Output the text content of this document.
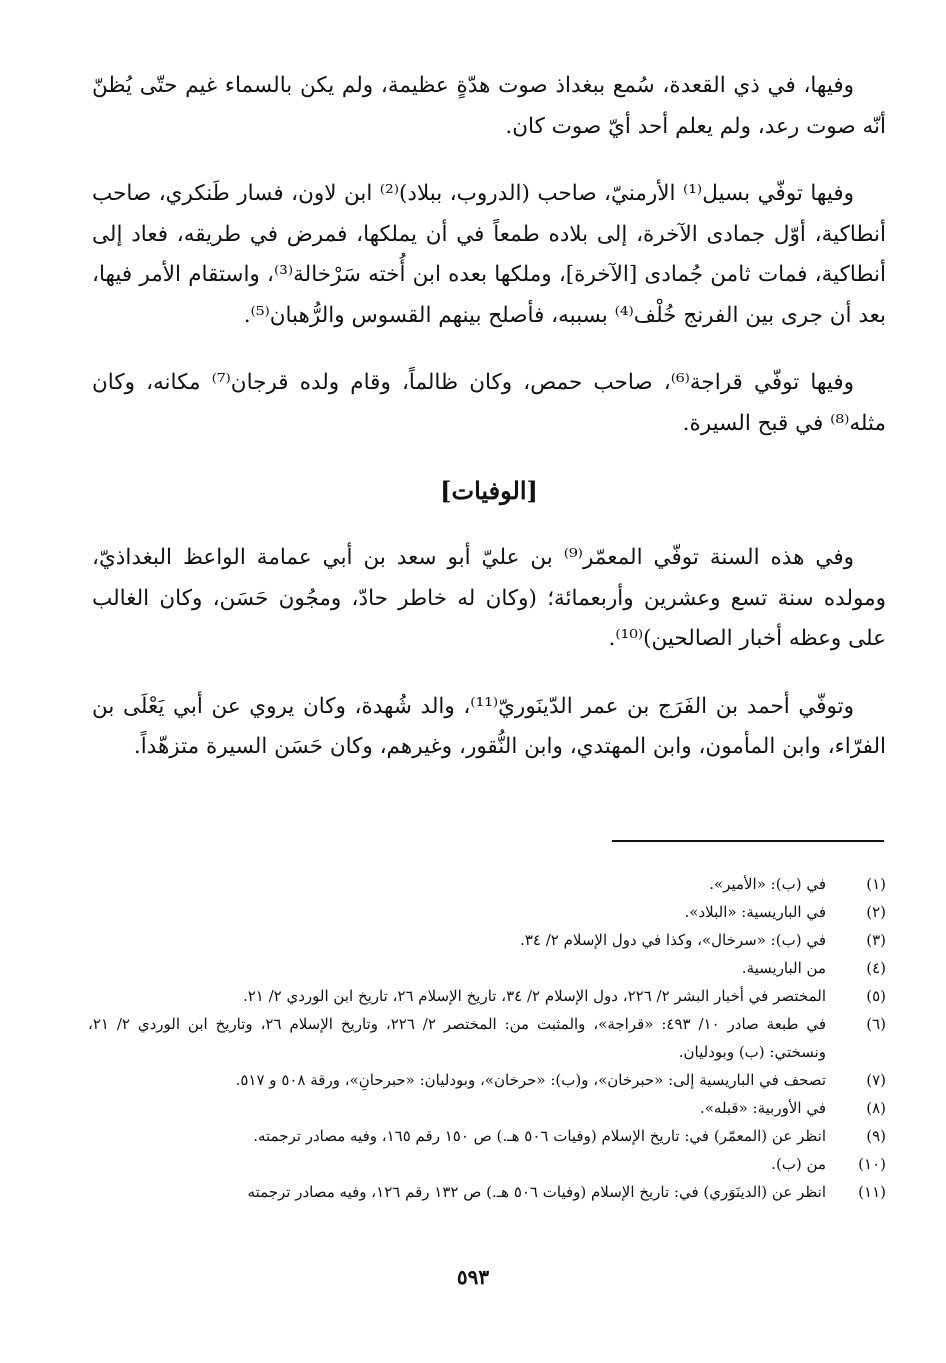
وفيها، في ذي القعدة، سُمع ببغداذ صوت هدّةٍ عظيمة، ولم يكن بالسماء غيم حتّى يُظنّ أنّه صوت رعد، ولم يعلم أحد أيّ صوت كان.

وفيها توفّي بسيل⁽¹⁾ الأرمنيّ، صاحب (الدروب، ببلاد)⁽²⁾ ابن لاون، فسار طَنكري، صاحب أنطاكية، أوّل جمادى الآخرة، إلى بلاده طمعاً في أن يملكها، فمرض في طريقه، فعاد إلى أنطاكية، فمات ثامن جُمادى [الآخرة]، وملكها بعده ابن أُخته سَرْخالة⁽³⁾، واستقام الأمر فيها، بعد أن جرى بين الفرنج خُلْف⁽⁴⁾ بسببه، فأصلح بينهم القسوس والرُّهبان⁽⁵⁾.

وفيها توفّي قراجة⁽⁶⁾، صاحب حمص، وكان ظالماً، وقام ولده قرجان⁽⁷⁾ مكانه، وكان مثله⁽⁸⁾ في قبح السيرة.

[الوفيات]

وفي هذه السنة توفّي المعمّر⁽⁹⁾ بن عليّ أبو سعد بن أبي عمامة الواعظ البغداذيّ، ومولده سنة تسع وعشرين وأربعمائة؛ (وكان له خاطر حادّ، ومجُون حَسَن، وكان الغالب على وعظه أخبار الصالحين)⁽¹⁰⁾.

وتوفّي أحمد بن الفَرَج بن عمر الدّينَوريّ⁽¹¹⁾، والد شُهدة، وكان يروي عن أبي يَعْلَى بن الفرّاء، وابن المأمون، وابن المهتدي، وابن النُّقور، وغيرهم، وكان حَسَن السيرة متزهّداً.

(١)
في (ب): «الأمير».
(٢)
في الباريسية: «البلاد».
(٣)
في (ب): «سرخال»، وكذا في دول الإسلام ٢/ ٣٤.
(٤)
من الباريسية.
(٥)
المختصر في أخبار البشر ٢/ ٢٢٦، دول الإسلام ٢/ ٣٤، تاريخ الإسلام ٢٦، تاريخ ابن الوردي ٢/ ٢١.
(٦)
في طبعة صادر ١٠/ ٤٩٣: «قراجة»، والمثبت من: المختصر ٢/ ٢٢٦، وتاريخ الإسلام ٢٦، وتاريخ ابن الوردي ٢/ ٢١، ونسختي: (ب) وبودليان.
(٧)
تصحف في الباريسية إلى: «حبرخان»، و(ب): «حرخان»، وبودليان: «حبرحانِ»، ورقة ٥٠٨ و ٥١٧.
(٨)
في الأوربية: «قبله».
(٩)
انظر عن (المعمّر) في: تاريخ الإسلام (وفيات ٥٠٦ هـ.) ص ١٥٠ رقم ١٦٥، وفيه مصادر ترجمته.
(١٠)
من (ب).
(١١)
انظر عن (الدينَوَري) في: تاريخ الإسلام (وفيات ٥٠٦ هـ.) ص ١٣٢ رقم ١٢٦، وفيه مصادر ترجمته
٥٩٣
